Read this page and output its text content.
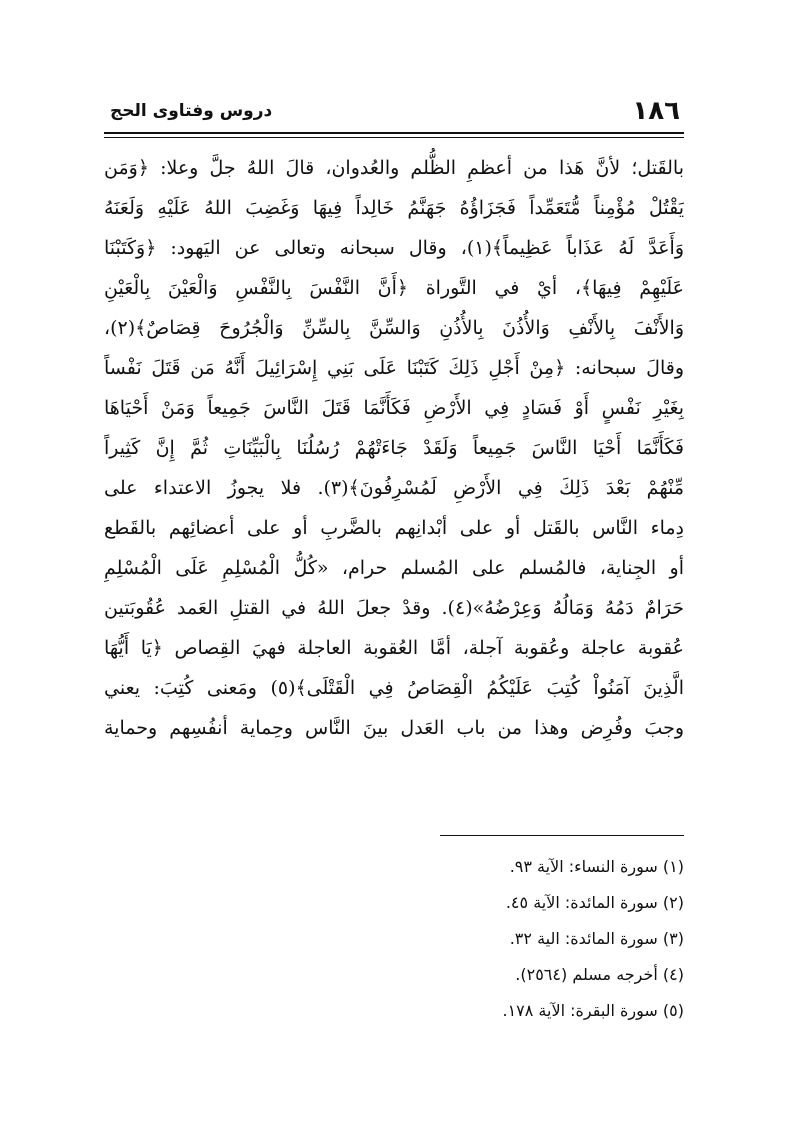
١٨٦
دروس وفتاوى الحج
بالقَتل؛ لأنَّ هَذا من أعظمِ الظُّلم والعُدوان، قالَ اللهُ جلَّ وعلا: ﴿وَمَن
يَقْتُلْ مُؤْمِناً مُّتَعَمِّداً فَجَزَاؤُهُ جَهَنَّمُ خَالِداً فِيهَا وَغَضِبَ اللهُ عَلَيْهِ وَلَعَنَهُ
وَأَعَدَّ لَهُ عَذَاباً عَظِيماً﴾(١)، وقال سبحانه وتعالى عن اليَهود: ﴿وَكَتَبْنَا
عَلَيْهِمْ فِيهَا﴾، أيْ في التَّوراة ﴿أَنَّ النَّفْسَ بِالنَّفْسِ وَالْعَيْنَ بِالْعَيْنِ
وَالأَنْفَ بِالأَنْفِ وَالأُذُنَ بِالأُذُنِ وَالسِّنَّ بِالسِّنِّ وَالْجُرُوحَ قِصَاصٌ﴾(٢)،
وقالَ سبحانه: ﴿مِنْ أَجْلِ ذَلِكَ كَتَبْنَا عَلَى بَنِي إِسْرَائِيلَ أَنَّهُ مَن قَتَلَ نَفْساً
بِغَيْرِ نَفْسٍ أَوْ فَسَادٍ فِي الأَرْضِ فَكَأَنَّمَا قَتَلَ النَّاسَ جَمِيعاً وَمَنْ أَحْيَاهَا
فَكَأَنَّمَا أَحْيَا النَّاسَ جَمِيعاً وَلَقَدْ جَاءَتْهُمْ رُسُلُنَا بِالْبَيِّنَاتِ ثُمَّ إِنَّ كَثِيراً
مِّنْهُمْ بَعْدَ ذَلِكَ فِي الأَرْضِ لَمُسْرِفُونَ﴾(٣). فلا يجوزُ الاعتداء على
دِماء النَّاس بالقَتل أو على أبْدانِهم بالضَّربِ أو على أعضائِهم بالقَطع
أو الجِناية، فالمُسلم على المُسلم حرام، «كُلُّ الْمُسْلِمِ عَلَى الْمُسْلِمِ
حَرَامٌ دَمُهُ وَمَالُهُ وَعِرْضُهُ»(٤). وقدْ جعلَ اللهُ في القتلِ العَمد عُقُوبَتين
عُقوبة عاجلة وعُقوبة آجلة، أمَّا العُقوبة العاجلة فهيَ القِصاص ﴿يَا أَيُّهَا
الَّذِينَ آمَنُواْ كُتِبَ عَلَيْكُمُ الْقِصَاصُ فِي الْقَتْلَى﴾(٥) ومَعنى كُتِبَ: يعني
وجبَ وفُرِض وهذا من باب العَدل بينَ النَّاس وحِماية أنفُسِهم وحماية
(١) سورة النساء: الآية ٩٣.
(٢) سورة المائدة: الآية ٤٥.
(٣) سورة المائدة: الية ٣٢.
(٤) أخرجه مسلم (٢٥٦٤).
(٥) سورة البقرة: الآية ١٧٨.
